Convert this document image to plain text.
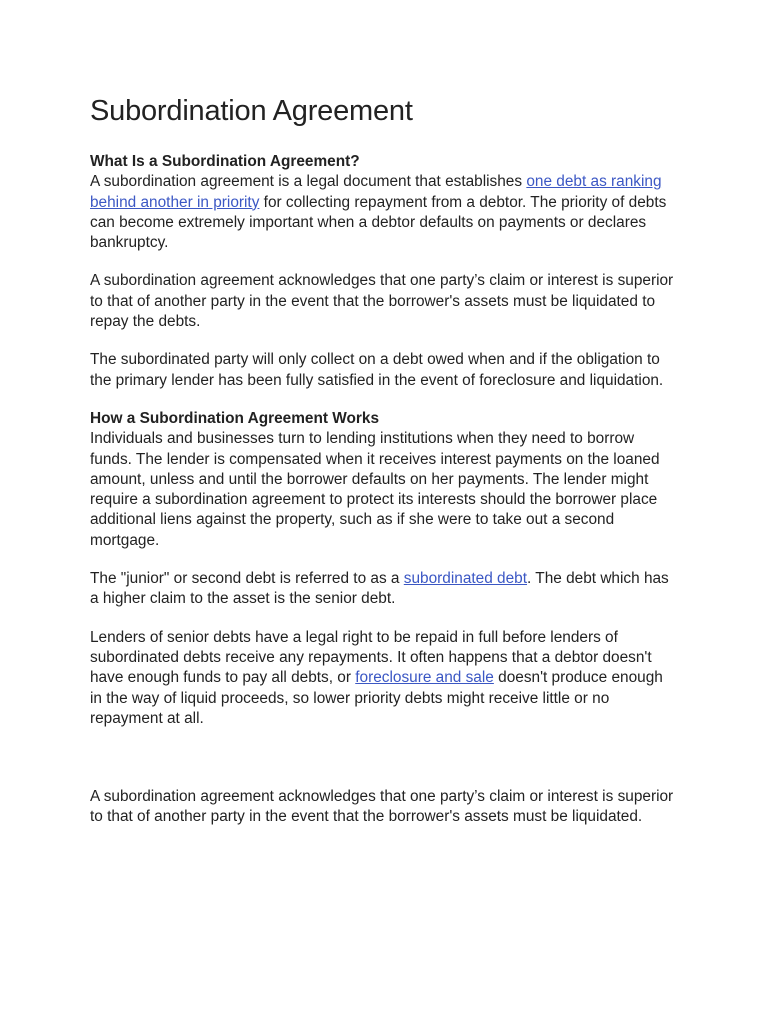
Subordination Agreement
What Is a Subordination Agreement?

A subordination agreement is a legal document that establishes one debt as ranking behind another in priority for collecting repayment from a debtor. The priority of debts can become extremely important when a debtor defaults on payments or declares bankruptcy.

A subordination agreement acknowledges that one party’s claim or interest is superior to that of another party in the event that the borrower's assets must be liquidated to repay the debts.

The subordinated party will only collect on a debt owed when and if the obligation to the primary lender has been fully satisfied in the event of foreclosure and liquidation.

How a Subordination Agreement Works

Individuals and businesses turn to lending institutions when they need to borrow funds. The lender is compensated when it receives interest payments on the loaned amount, unless and until the borrower defaults on her payments. The lender might require a subordination agreement to protect its interests should the borrower place additional liens against the property, such as if she were to take out a second mortgage.

The "junior" or second debt is referred to as a subordinated debt. The debt which has a higher claim to the asset is the senior debt.

Lenders of senior debts have a legal right to be repaid in full before lenders of subordinated debts receive any repayments. It often happens that a debtor doesn't have enough funds to pay all debts, or foreclosure and sale doesn't produce enough in the way of liquid proceeds, so lower priority debts might receive little or no repayment at all.

A subordination agreement acknowledges that one party’s claim or interest is superior to that of another party in the event that the borrower's assets must be liquidated.
